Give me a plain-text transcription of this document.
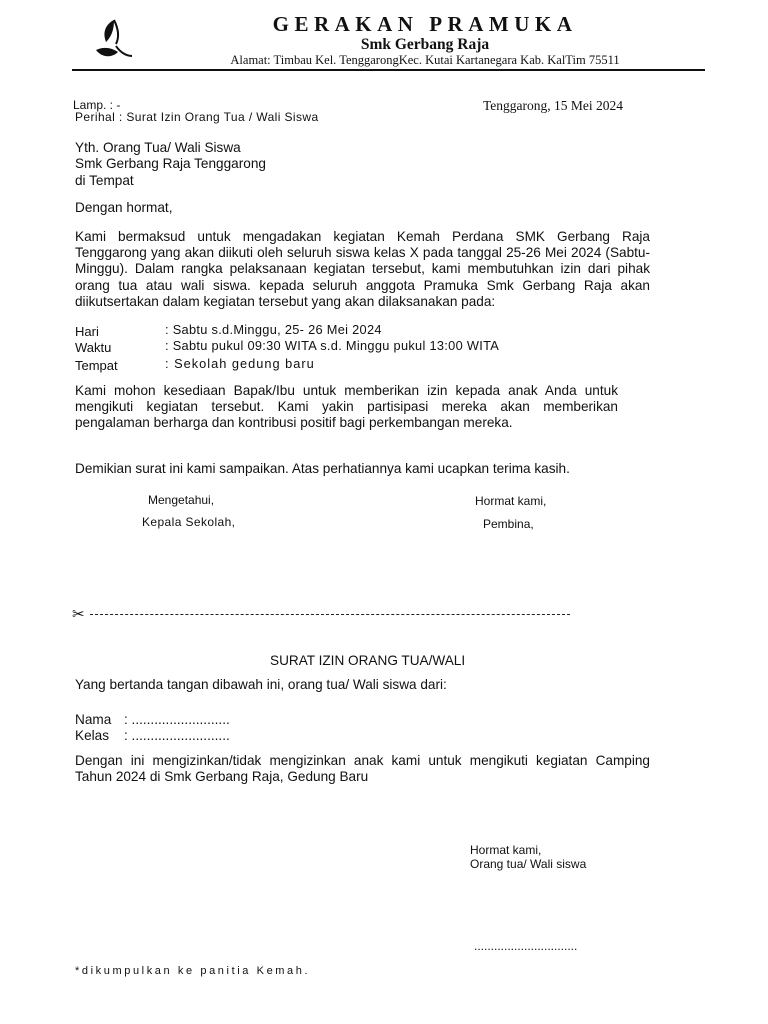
GERAKAN PRAMUKA
Smk Gerbang Raja
Alamat: Timbau Kel. TenggarongKec. Kutai Kartanegara Kab. KalTim 75511
Lamp. : -
Perihal : Surat Izin Orang Tua / Wali Siswa
Tenggarong, 15 Mei 2024
Yth. Orang Tua/ Wali Siswa
Smk Gerbang Raja Tenggarong
di Tempat
Dengan hormat,
Kami bermaksud untuk mengadakan kegiatan Kemah Perdana SMK Gerbang Raja Tenggarong yang akan diikuti oleh seluruh siswa kelas X pada tanggal 25-26 Mei 2024 (Sabtu-Minggu). Dalam rangka pelaksanaan kegiatan tersebut, kami membutuhkan izin dari pihak orang tua atau wali siswa. kepada seluruh anggota Pramuka Smk Gerbang Raja akan diikutsertakan dalam kegiatan tersebut yang akan dilaksanakan pada:
Hari	: Sabtu s.d.Minggu, 25- 26 Mei 2024
Waktu	: Sabtu pukul 09:30 WITA s.d. Minggu pukul 13:00 WITA
Tempat	: Sekolah gedung baru
Kami mohon kesediaan Bapak/Ibu untuk memberikan izin kepada anak Anda untuk mengikuti kegiatan tersebut. Kami yakin partisipasi mereka akan memberikan pengalaman berharga dan kontribusi positif bagi perkembangan mereka.
Demikian surat ini kami sampaikan. Atas perhatiannya kami ucapkan terima kasih.
Mengetahui,
Kepala Sekolah,
Hormat kami,
Pembina,
✂
SURAT IZIN ORANG TUA/WALI
Yang bertanda tangan dibawah ini, orang tua/ Wali siswa dari:
Nama : ..........................
Kelas : ..........................
Dengan ini mengizinkan/tidak mengizinkan anak kami untuk mengikuti kegiatan Camping Tahun 2024 di Smk Gerbang Raja, Gedung Baru
Hormat kami,
Orang tua/ Wali siswa
...............................
*dikumpulkan ke panitia Kemah.
